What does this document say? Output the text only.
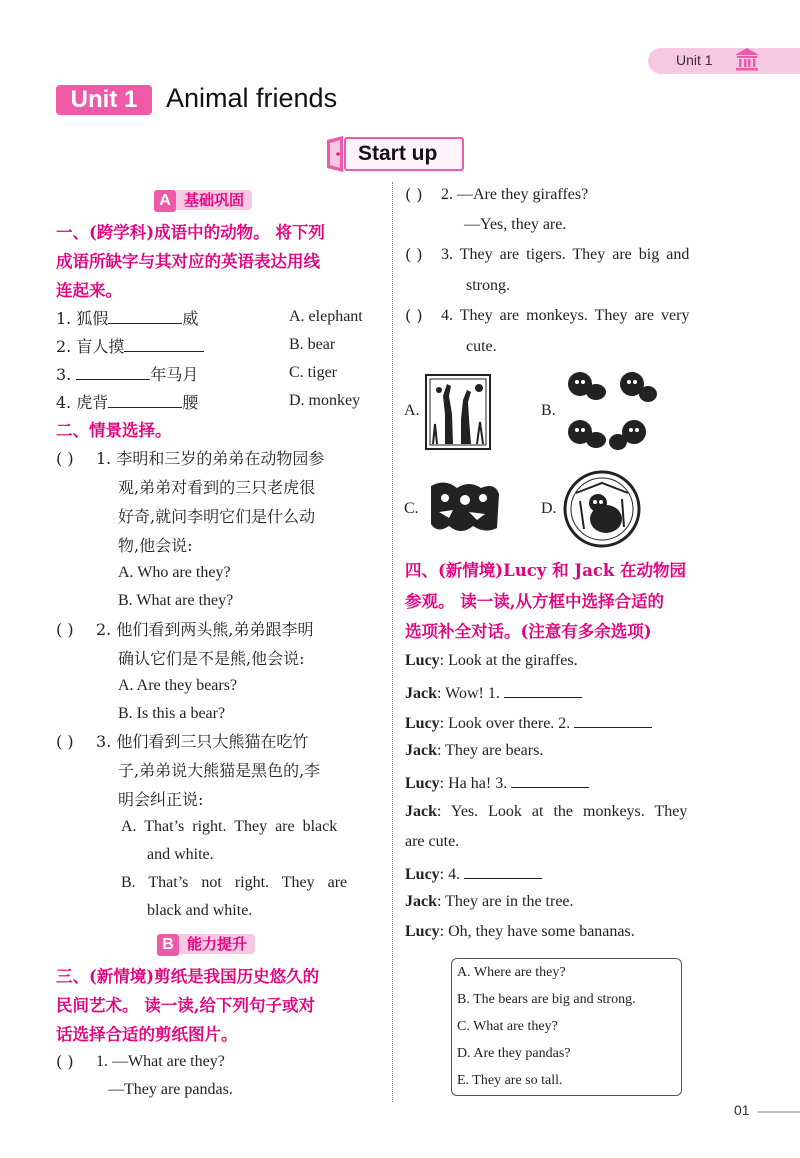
Unit 1
Unit 1	Animal friends
Start up
A 基础巩固
一、(跨学科)成语中的动物。 将下列
成语所缺字与其对应的英语表达用线
连起来。
1. 狐假	威
2. 盲人摸
3.	年马月
4. 虎背	腰
A. elephant
B. bear
C. tiger
D. monkey
二、情景选择。
( ) 1. 李明和三岁的弟弟在动物园参
观,弟弟对看到的三只老虎很
好奇,就问李明它们是什么动
物,他会说:
A. Who are they?
B. What are they?
( ) 2. 他们看到两头熊,弟弟跟李明
确认它们是不是熊,他会说:
A. Are they bears?
B. Is this a bear?
( ) 3. 他们看到三只大熊猫在吃竹
子,弟弟说大熊猫是黑色的,李
明会纠正说:
A. That’s right. They are black
and white.
B. That’s not right. They are
black and white.
B 能力提升
三、(新情境)剪纸是我国历史悠久的
民间艺术。 读一读,给下列句子或对
话选择合适的剪纸图片。
( ) 1. —What are they?
—They are pandas.
( ) 2. —Are they giraffes?
—Yes, they are.
( ) 3. They are tigers. They are big and
strong.
( ) 4. They are monkeys. They are very
cute.
A.	B.
C.	D.
四、(新情境)Lucy 和 Jack 在动物园
参观。 读一读,从方框中选择合适的
选项补全对话。(注意有多余选项)
Lucy: Look at the giraffes.
Jack: Wow! 1.
Lucy: Look over there. 2.
Jack: They are bears.
Lucy: Ha ha! 3.
Jack: Yes. Look at the monkeys. They
are cute.
Lucy: 4.
Jack: They are in the tree.
Lucy: Oh, they have some bananas.
A. Where are they?
B. The bears are big and strong.
C. What are they?
D. Are they pandas?
E. They are so tall.
01
